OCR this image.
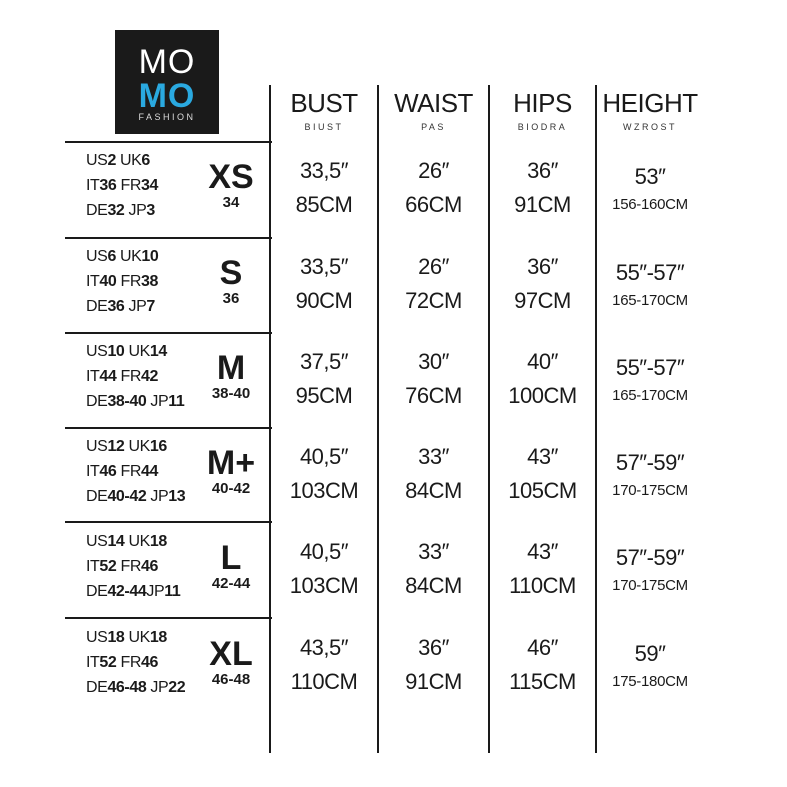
MO
MO
FASHION	BUST
BIUST
WAIST
PAS
HIPS
BIODRA
HEIGHT
WZROST
US2 UK6
IT36 FR34
DE32 JP3
XS
34
33,5″
85CM
26″
66CM
36″
91CM
53″
156-160CM
US6 UK10
IT40 FR38
DE36 JP7
S
36
33,5″
90CM
26″
72CM
36″
97CM
55″-57″
165-170CM
US10 UK14
IT44 FR42
DE38-40 JP11
M
38-40
37,5″
95CM
30″
76CM
40″
100CM
55″-57″
165-170CM
US12 UK16
IT46 FR44
DE40-42 JP13
M+
40-42
40,5″
103CM
33″
84CM
43″
105CM
57″-59″
170-175CM
US14 UK18
IT52 FR46
DE42-44JP11
L
42-44
40,5″
103CM
33″
84CM
43″
110CM
57″-59″
170-175CM
US18 UK18
IT52 FR46
DE46-48 JP22
XL
46-48
43,5″
110CM
36″
91CM
46″
115CM
59″
175-180CM
